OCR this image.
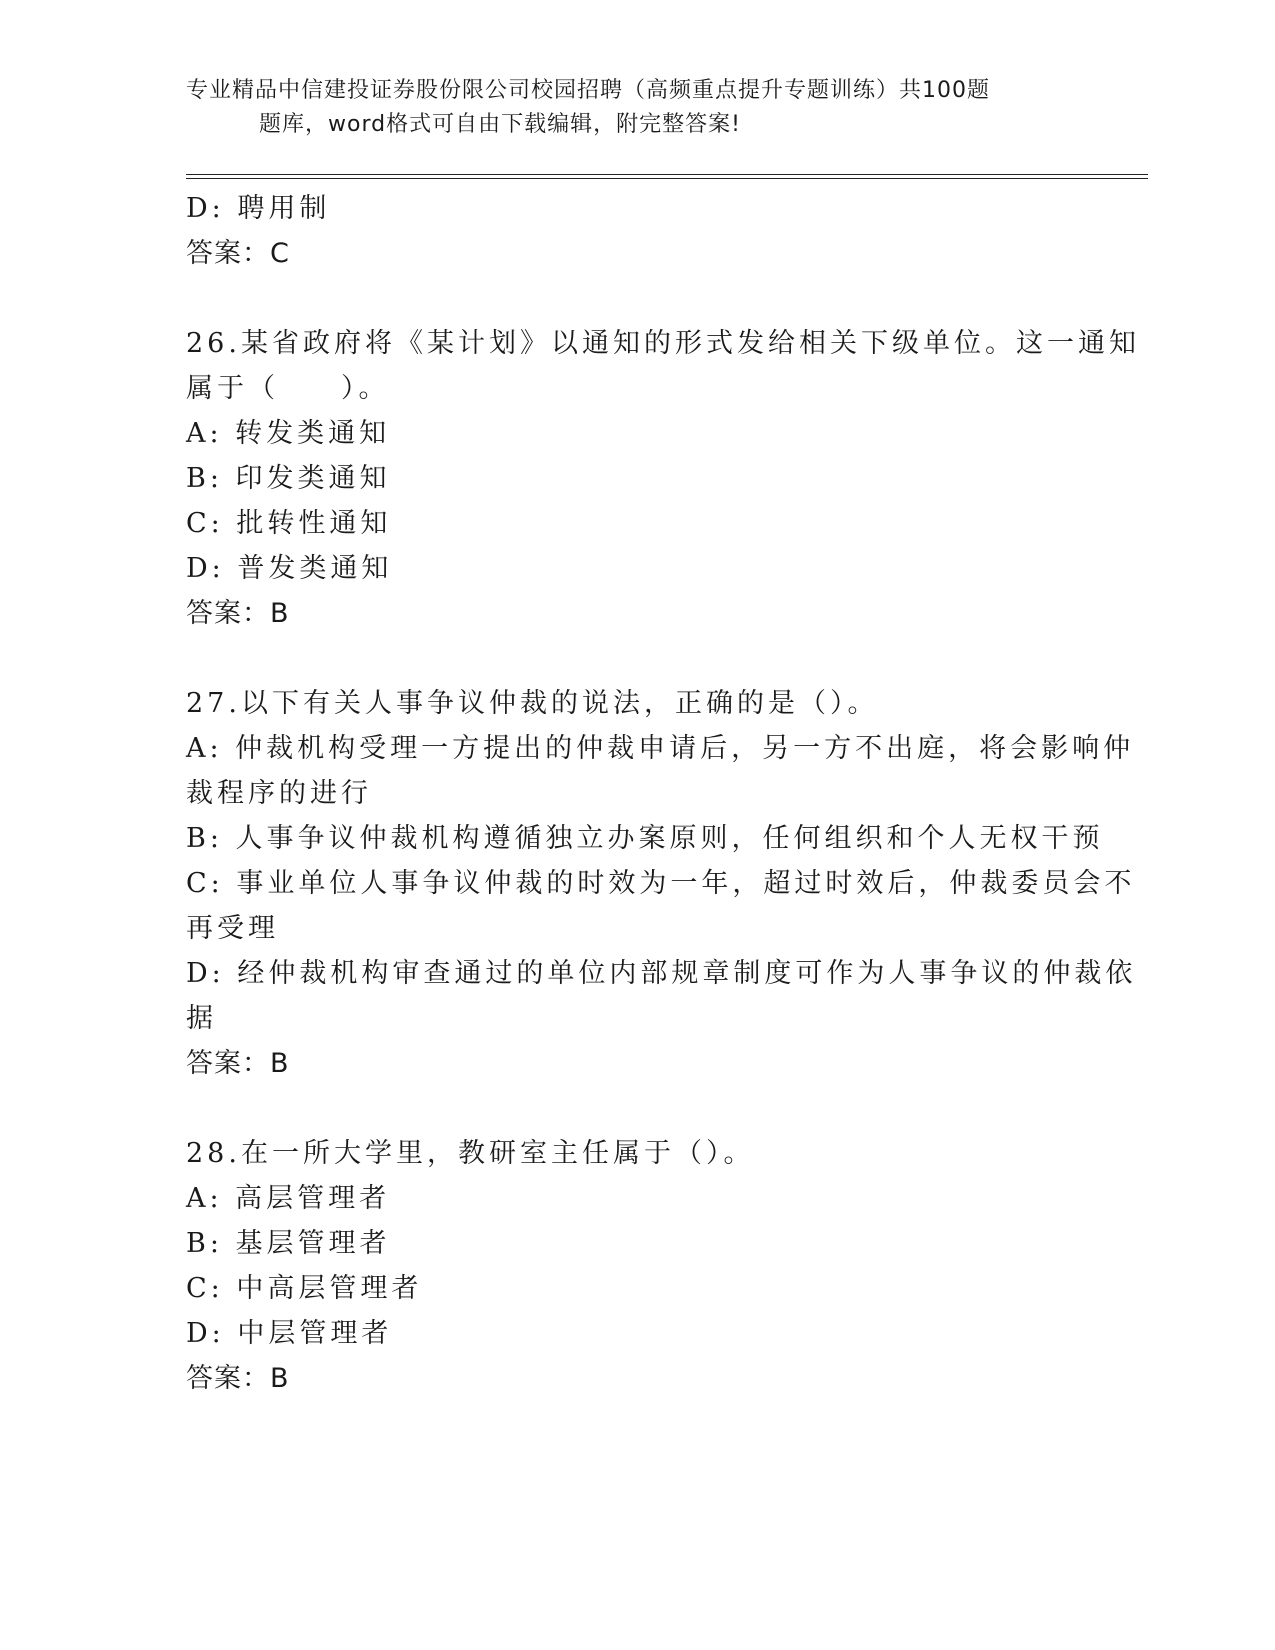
专业精品中信建投证券股份限公司校园招聘（高频重点提升专题训练）共100题
题库，word格式可自由下载编辑，附完整答案!
D: 聘用制
答案：C
26.某省政府将《某计划》以通知的形式发给相关下级单位。这一通知
属于（　　）。
A: 转发类通知
B: 印发类通知
C: 批转性通知
D: 普发类通知
答案：B
27.以下有关人事争议仲裁的说法，正确的是（）。
A: 仲裁机构受理一方提出的仲裁申请后，另一方不出庭，将会影响仲
裁程序的进行
B: 人事争议仲裁机构遵循独立办案原则，任何组织和个人无权干预
C: 事业单位人事争议仲裁的时效为一年，超过时效后，仲裁委员会不
再受理
D: 经仲裁机构审查通过的单位内部规章制度可作为人事争议的仲裁依
据
答案：B
28.在一所大学里，教研室主任属于（）。
A: 高层管理者
B: 基层管理者
C: 中高层管理者
D: 中层管理者
答案：B
